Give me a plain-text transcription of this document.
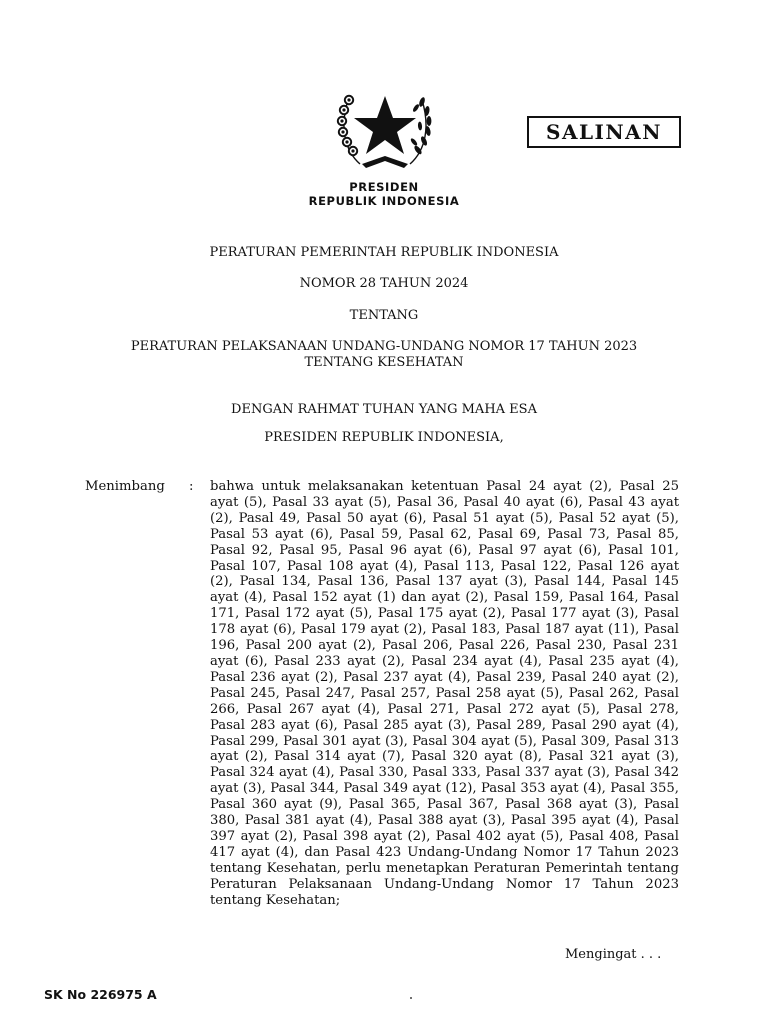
PRESIDEN
REPUBLIK INDONESIA
SALINAN
PERATURAN PEMERINTAH REPUBLIK INDONESIA
NOMOR 28 TAHUN 2024
TENTANG
PERATURAN PELAKSANAAN UNDANG-UNDANG NOMOR 17 TAHUN 2023
TENTANG KESEHATAN
DENGAN RAHMAT TUHAN YANG MAHA ESA
PRESIDEN REPUBLIK INDONESIA,
Menimbang : bahwa untuk melaksanakan ketentuan Pasal 24 ayat (2), Pasal 25 ayat (5), Pasal 33 ayat (5), Pasal 36, Pasal 40 ayat (6), Pasal 43 ayat (2), Pasal 49, Pasal 50 ayat (6), Pasal 51 ayat (5), Pasal 52 ayat (5), Pasal 53 ayat (6), Pasal 59, Pasal 62, Pasal 69, Pasal 73, Pasal 85, Pasal 92, Pasal 95, Pasal 96 ayat (6), Pasal 97 ayat (6), Pasal 101, Pasal 107, Pasal 108 ayat (4), Pasal 113, Pasal 122, Pasal 126 ayat (2), Pasal 134, Pasal 136, Pasal 137 ayat (3), Pasal 144, Pasal 145 ayat (4), Pasal 152 ayat (1) dan ayat (2), Pasal 159, Pasal 164, Pasal 171, Pasal 172 ayat (5), Pasal 175 ayat (2), Pasal 177 ayat (3), Pasal 178 ayat (6), Pasal 179 ayat (2), Pasal 183, Pasal 187 ayat (11), Pasal 196, Pasal 200 ayat (2), Pasal 206, Pasal 226, Pasal 230, Pasal 231 ayat (6), Pasal 233 ayat (2), Pasal 234 ayat (4), Pasal 235 ayat (4), Pasal 236 ayat (2), Pasal 237 ayat (4), Pasal 239, Pasal 240 ayat (2), Pasal 245, Pasal 247, Pasal 257, Pasal 258 ayat (5), Pasal 262, Pasal 266, Pasal 267 ayat (4), Pasal 271, Pasal 272 ayat (5), Pasal 278, Pasal 283 ayat (6), Pasal 285 ayat (3), Pasal 289, Pasal 290 ayat (4), Pasal 299, Pasal 301 ayat (3), Pasal 304 ayat (5), Pasal 309, Pasal 313 ayat (2), Pasal 314 ayat (7), Pasal 320 ayat (8), Pasal 321 ayat (3), Pasal 324 ayat (4), Pasal 330, Pasal 333, Pasal 337 ayat (3), Pasal 342 ayat (3), Pasal 344, Pasal 349 ayat (12), Pasal 353 ayat (4), Pasal 355, Pasal 360 ayat (9), Pasal 365, Pasal 367, Pasal 368 ayat (3), Pasal 380, Pasal 381 ayat (4), Pasal 388 ayat (3), Pasal 395 ayat (4), Pasal 397 ayat (2), Pasal 398 ayat (2), Pasal 402 ayat (5), Pasal 408, Pasal 417 ayat (4), dan Pasal 423 Undang-Undang Nomor 17 Tahun 2023 tentang Kesehatan, perlu menetapkan Peraturan Pemerintah tentang Peraturan Pelaksanaan Undang-Undang Nomor 17 Tahun 2023 tentang Kesehatan;

Mengingat . . .
SK No 226975 A
